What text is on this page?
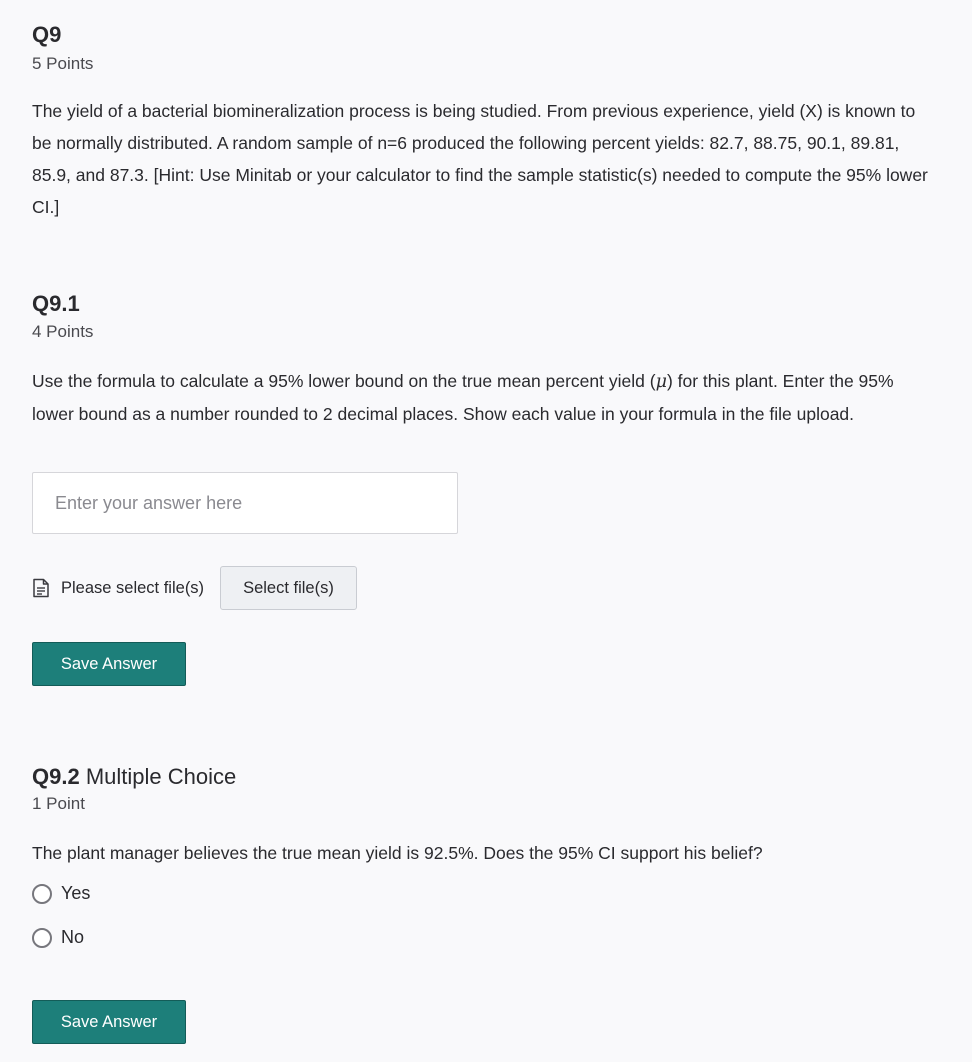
Q9
5 Points
The yield of a bacterial biomineralization process is being studied. From previous experience, yield (X) is known to be normally distributed. A random sample of n=6 produced the following percent yields: 82.7, 88.75, 90.1, 89.81, 85.9, and 87.3. [Hint: Use Minitab or your calculator to find the sample statistic(s) needed to compute the 95% lower CI.]
Q9.1
4 Points
Use the formula to calculate a 95% lower bound on the true mean percent yield (μ) for this plant. Enter the 95% lower bound as a number rounded to 2 decimal places. Show each value in your formula in the file upload.
Enter your answer here
Please select file(s)	Select file(s)
Save Answer
Q9.2 Multiple Choice
1 Point
The plant manager believes the true mean yield is 92.5%. Does the 95% CI support his belief?
Yes
No
Save Answer
